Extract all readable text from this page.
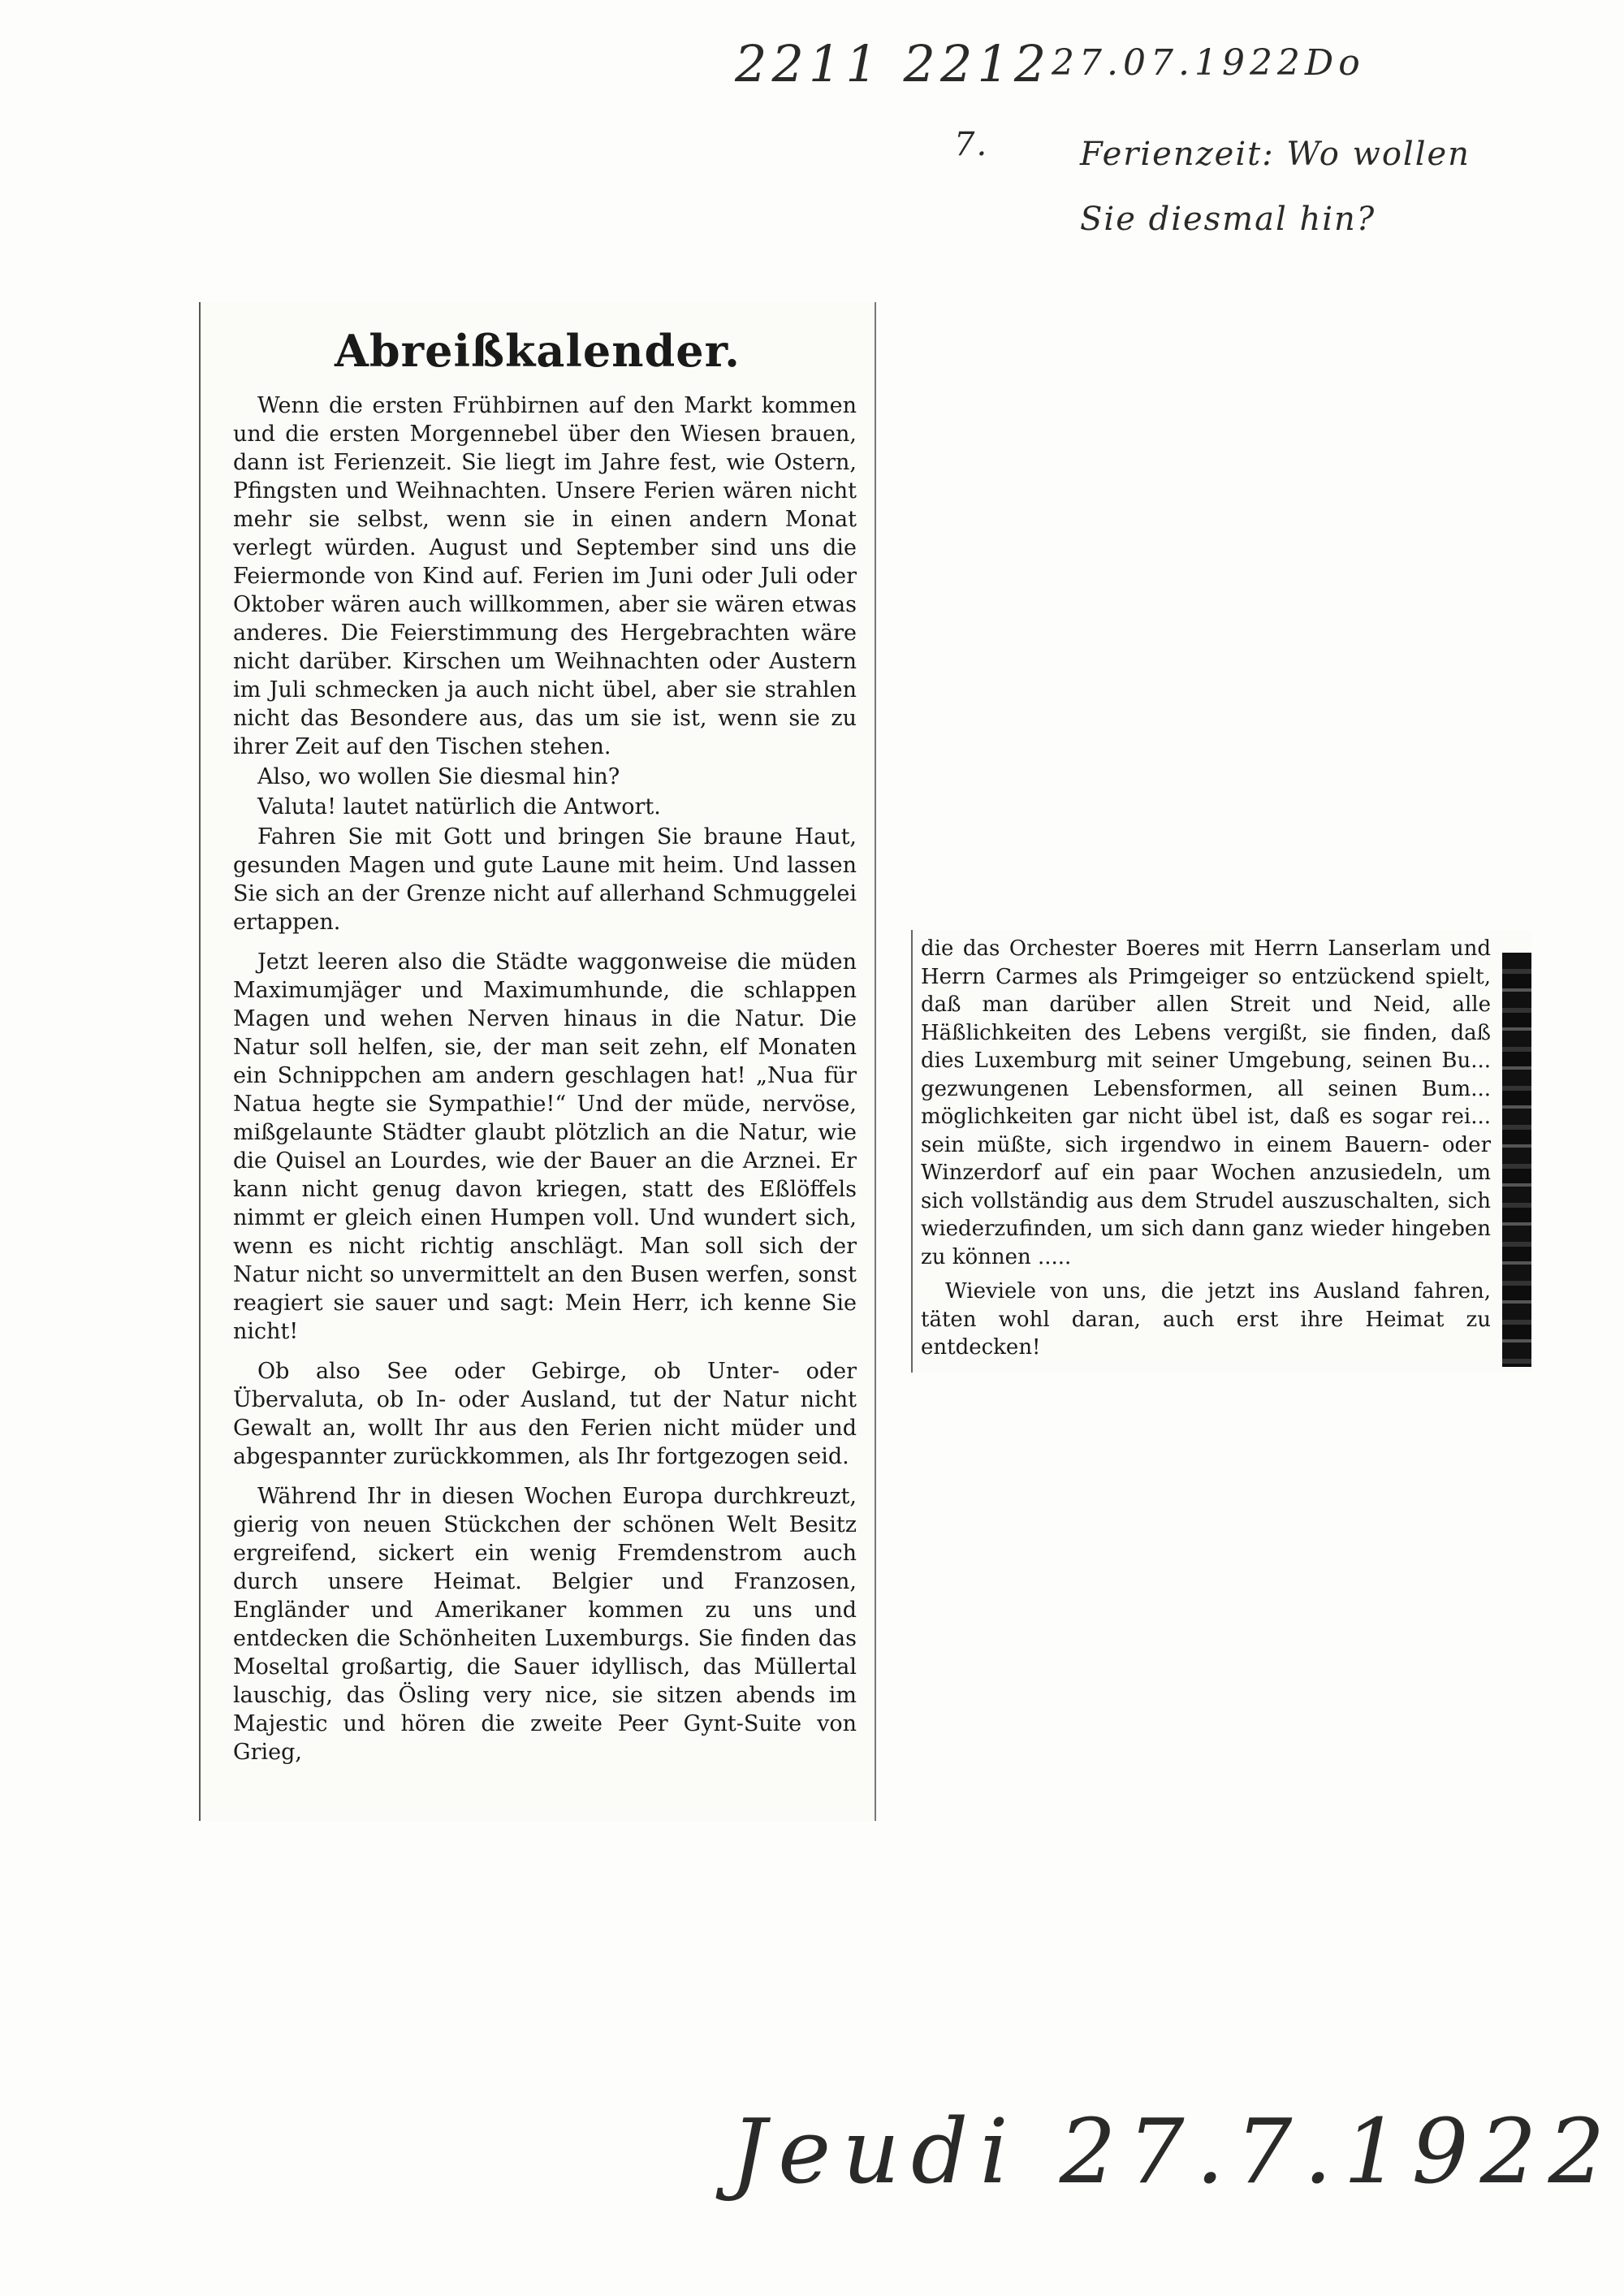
2211 2212 27.07.1922Do
7.	Ferienzeit: Wo wollen Sie diesmal hin?
Abreißkalender.

Wenn die ersten Frühbirnen auf den Markt kommen und die ersten Morgennebel über den Wiesen brauen, dann ist Ferienzeit. Sie liegt im Jahre fest, wie Ostern, Pfingsten und Weihnachten. Unsere Ferien wären nicht mehr sie selbst, wenn sie in einen andern Monat verlegt würden. August und September sind uns die Feiermonde von Kind auf. Ferien im Juni oder Juli oder Oktober wären auch willkommen, aber sie wären etwas anderes. Die Feierstimmung des Hergebrachten wäre nicht darüber. Kirschen um Weihnachten oder Austern im Juli schmecken ja auch nicht übel, aber sie strahlen nicht das Besondere aus, das um sie ist, wenn sie zu ihrer Zeit auf den Tischen stehen.

Also, wo wollen Sie diesmal hin?

Valuta! lautet natürlich die Antwort.

Fahren Sie mit Gott und bringen Sie braune Haut, gesunden Magen und gute Laune mit heim. Und lassen Sie sich an der Grenze nicht auf allerhand Schmuggelei ertappen.

Jetzt leeren also die Städte waggonweise die müden Maximumjäger und Maximumhunde, die schlappen Magen und wehen Nerven hinaus in die Natur. Die Natur soll helfen, sie, der man seit zehn, elf Monaten ein Schnippchen am andern geschlagen hat! „Nua für Natua hegte sie Sympathie!“ Und der müde, nervöse, mißgelaunte Städter glaubt plötzlich an die Natur, wie die Quisel an Lourdes, wie der Bauer an die Arznei. Er kann nicht genug davon kriegen, statt des Eßlöffels nimmt er gleich einen Humpen voll. Und wundert sich, wenn es nicht richtig anschlägt. Man soll sich der Natur nicht so unvermittelt an den Busen werfen, sonst reagiert sie sauer und sagt: Mein Herr, ich kenne Sie nicht!

Ob also See oder Gebirge, ob Unter- oder Übervaluta, ob In- oder Ausland, tut der Natur nicht Gewalt an, wollt Ihr aus den Ferien nicht müder und abgespannter zurückkommen, als Ihr fortgezogen seid.

Während Ihr in diesen Wochen Europa durchkreuzt, gierig von neuen Stückchen der schönen Welt Besitz ergreifend, sickert ein wenig Fremdenstrom auch durch unsere Heimat. Belgier und Franzosen, Engländer und Amerikaner kommen zu uns und entdecken die Schönheiten Luxemburgs. Sie finden das Moseltal großartig, die Sauer idyllisch, das Müllertal lauschig, das Ösling very nice, sie sitzen abends im Majestic und hören die zweite Peer Gynt-Suite von Grieg,

die das Orchester Boeres mit Herrn Lanserlam und Herrn Carmes als Primgeiger so entzückend spielt, daß man darüber allen Streit und Neid, alle Häßlichkeiten des Lebens vergißt, sie finden, daß dies Luxemburg mit seiner Umgebung, seinen Bu... gezwungenen Lebensformen, all seinen Bum... möglichkeiten gar nicht übel ist, daß es sogar rei... sein müßte, sich irgendwo in einem Bauern- oder Winzerdorf auf ein paar Wochen anzusiedeln, um sich vollständig aus dem Strudel auszuschalten, sich wiederzufinden, um sich dann ganz wieder hingeben zu können .....

Wieviele von uns, die jetzt ins Ausland fahren, täten wohl daran, auch erst ihre Heimat zu entdecken!

Jeudi 27.7.1922
